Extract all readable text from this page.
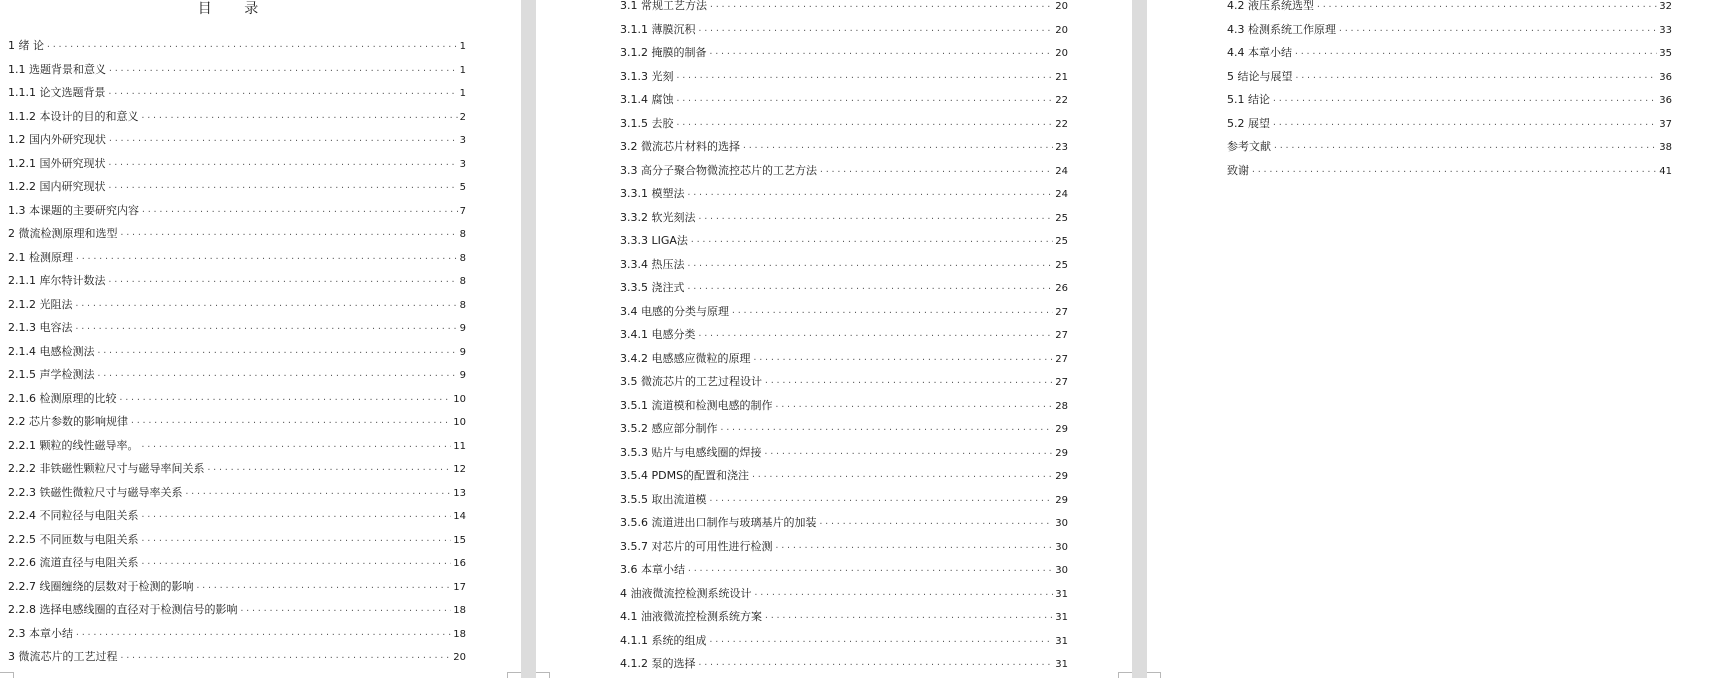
目 录
1 绪 论 ·····	1
1.1 选题背景和意义 ·····	1
1.1.1 论文选题背景 ·····	1
1.1.2 本设计的目的和意义 ·····	2
1.2 国内外研究现状 ·····	3
1.2.1 国外研究现状 ·····	3
1.2.2 国内研究现状 ·····	5
1.3 本课题的主要研究内容 ·····	7
2 微流检测原理和选型 ·····	8
2.1 检测原理 ·····	8
2.1.1 库尔特计数法 ·····	8
2.1.2 光阻法 ·····	8
2.1.3 电容法 ·····	9
2.1.4 电感检测法 ·····	9
2.1.5 声学检测法 ·····	9
2.1.6 检测原理的比较 ·····	10
2.2 芯片参数的影响规律 ·····	10
2.2.1 颗粒的线性磁导率。 ·····	11
2.2.2 非铁磁性颗粒尺寸与磁导率间关系 ·····	12
2.2.3 铁磁性微粒尺寸与磁导率关系 ·····	13
2.2.4 不同粒径与电阻关系 ·····	14
2.2.5 不同匝数与电阻关系 ·····	15
2.2.6 流道直径与电阻关系 ·····	16
2.2.7 线圈缠绕的层数对于检测的影响 ·····	17
2.2.8 选择电感线圈的直径对于检测信号的影响 ·····	18
2.3 本章小结 ·····	18
3 微流芯片的工艺过程 ·····	20
3.1 常规工艺方法 ·····	20
3.1.1 薄膜沉积 ·····	20
3.1.2 掩膜的制备 ·····	20
3.1.3 光刻 ·····	21
3.1.4 腐蚀 ·····	22
3.1.5 去胶 ·····	22
3.2 微流芯片材料的选择 ·····	23
3.3 高分子聚合物微流控芯片的工艺方法 ·····	24
3.3.1 模塑法 ·····	24
3.3.2 软光刻法 ·····	25
3.3.3 LIGA法 ·····	25
3.3.4 热压法 ·····	25
3.3.5 浇注式 ·····	26
3.4 电感的分类与原理 ·····	27
3.4.1 电感分类 ·····	27
3.4.2 电感感应微粒的原理 ·····	27
3.5 微流芯片的工艺过程设计 ·····	27
3.5.1 流道模和检测电感的制作 ·····	28
3.5.2 感应部分制作 ·····	29
3.5.3 贴片与电感线圈的焊接 ·····	29
3.5.4 PDMS的配置和浇注 ·····	29
3.5.5 取出流道模 ·····	29
3.5.6 流道进出口制作与玻璃基片的加装 ·····	30
3.5.7 对芯片的可用性进行检测 ·····	30
3.6 本章小结 ·····	30
4 油液微流控检测系统设计 ·····	31
4.1 油液微流控检测系统方案 ·····	31
4.1.1 系统的组成 ·····	31
4.1.2 泵的选择 ·····	31
4.2 液压系统选型 ·····	32
4.3 检测系统工作原理 ·····	33
4.4 本章小结 ·····	35
5 结论与展望 ·····	36
5.1 结论 ·····	36
5.2 展望 ·····	37
参考文献 ·····	38
致谢 ·····	41
